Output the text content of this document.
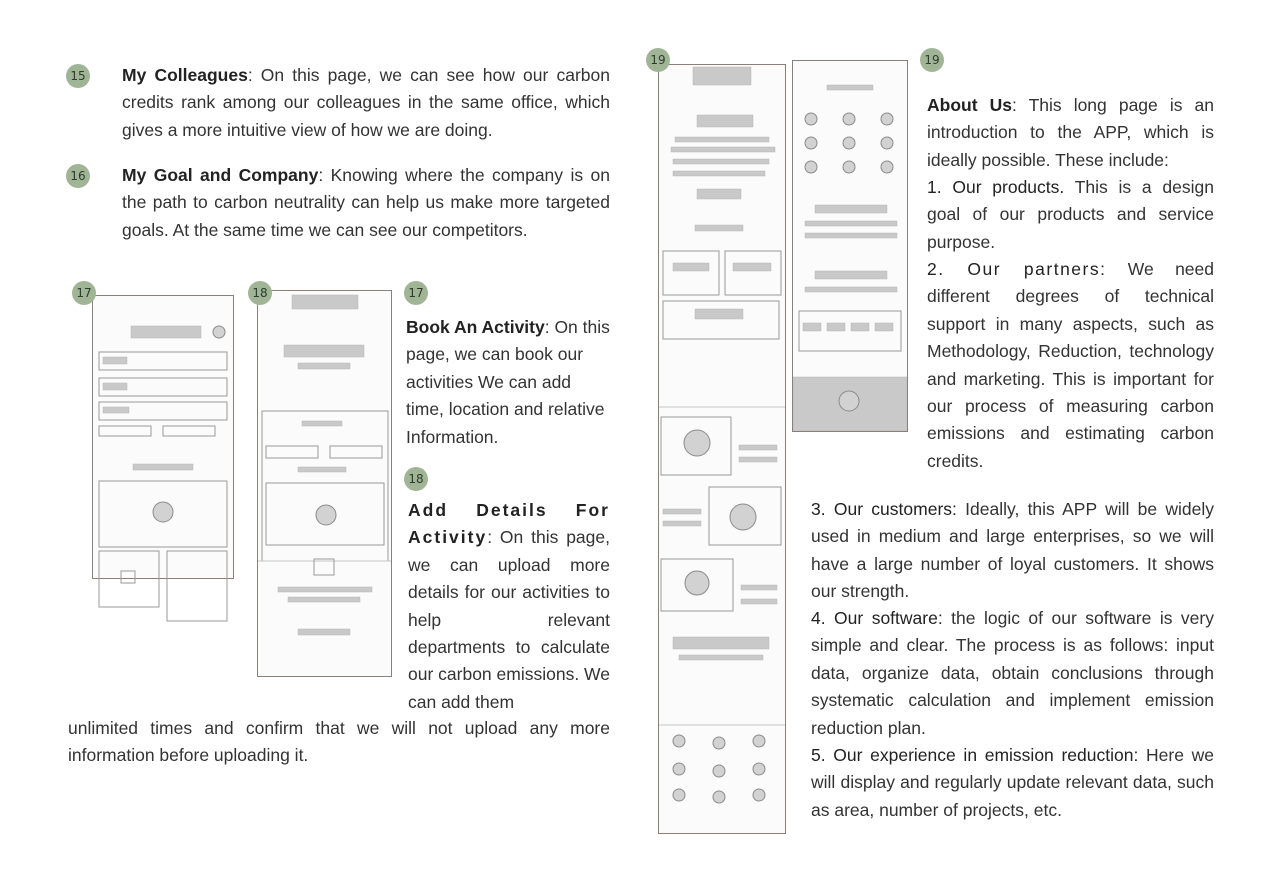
15 My Colleagues: On this page, we can see how our carbon credits rank among our colleagues in the same office, which gives a more intuitive view of how we are doing.
16 My Goal and Company: Knowing where the company is on the path to carbon neutrality can help us make more targeted goals. At the same time we can see our competitors.
17	18	17
Book An Activity: On this page, we can book our activities We can add time, location and relative Information.
18
Add Details For Activity: On this page, we can upload more details for our activities to help relevant departments to calculate our carbon emissions. We can add them
unlimited times and confirm that we will not upload any more information before uploading it.
19	19
About Us: This long page is an introduction to the APP, which is ideally possible. These include:
1. Our products. This is a design goal of our products and service purpose.
2. Our partners: We need different degrees of technical support in many aspects, such as Methodology, Reduction, technology and marketing. This is important for our process of measuring carbon emissions and estimating carbon credits.
3. Our customers: Ideally, this APP will be widely used in medium and large enterprises, so we will have a large number of loyal customers. It shows our strength.
4. Our software: the logic of our software is very simple and clear. The process is as follows: input data, organize data, obtain conclusions through systematic calculation and implement emission reduction plan.
5. Our experience in emission reduction: Here we will display and regularly update relevant data, such as area, number of projects, etc.
